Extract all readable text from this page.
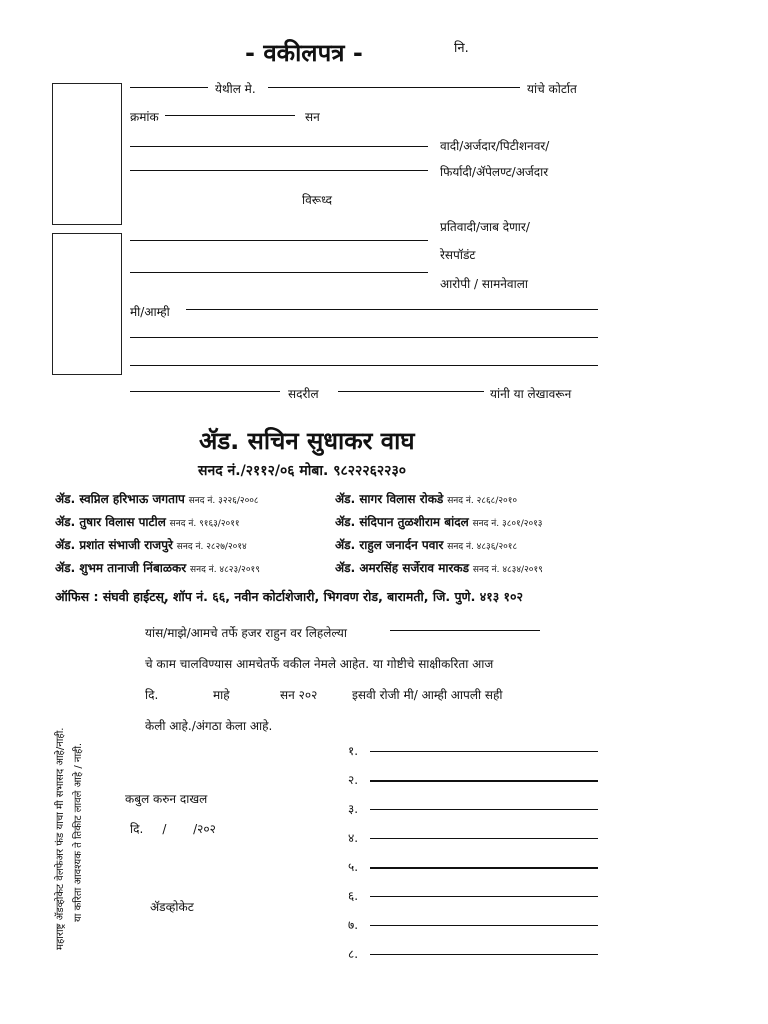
- वकीलपत्र -	नि.
येथील मे.	यांचे कोर्टात
क्रमांक	सन
वादी/अर्जदार/पिटीशनवर/
फिर्यादी/ॲपेलण्ट/अर्जदार
विरूध्द
प्रतिवादी/जाब देणार/
रेसपॉडंट
आरोपी / सामनेवाला
मी/आम्ही
सदरील	यांनी या लेखावरून
ॲड. सचिन सुधाकर वाघ
सनद नं./२११२/०६ मोबा. ९८२२२६२२३०
ॲड. स्वप्निल हरिभाऊ जगताप सनद नं. ३२२६/२००८	ॲड. सागर विलास रोकडे सनद नं. २८६८/२०१०
ॲड. तुषार विलास पाटील सनद नं. ९१६३/२०११	ॲड. संदिपान तुळशीराम बांदल सनद नं. ३८०१/२०१३
ॲड. प्रशांत संभाजी राजपुरे सनद नं. २८२७/२०१४	ॲड. राहुल जनार्दन पवार सनद नं. ४८३६/२०१८
ॲड. शुभम तानाजी निंबाळकर सनद नं. ४८२३/२०१९	ॲड. अमरसिंह सर्जेराव मारकड सनद नं. ४८३४/२०१९
ऑफिस : संघवी हाईटस्, शॉप नं. ६६, नवीन कोर्टाशेजारी, भिगवण रोड, बारामती, जि. पुणे. ४१३ १०२
यांस/माझे/आमचे तर्फे हजर राहुन वर लिहलेल्या
चे काम चालविण्यास आमचेतर्फे वकील नेमले आहेत. या गोष्टीचे साक्षीकरिता आज
दि.	माहे	सन २०२	इसवी रोजी मी/ आम्ही आपली सही
केली आहे./अंगठा केला आहे.
कबुल करुन दाखल
दि.     /       /२०२
ॲडव्होकेट
१.
२.
३.
४.
५.
६.
७.
८.
महाराष्ट्र ॲडव्होकेट वेलफेअर फंड याचा मी सभासद आहे/नाही. या करिता आवश्यक ते तिकीट लावले आहे / नाही.
